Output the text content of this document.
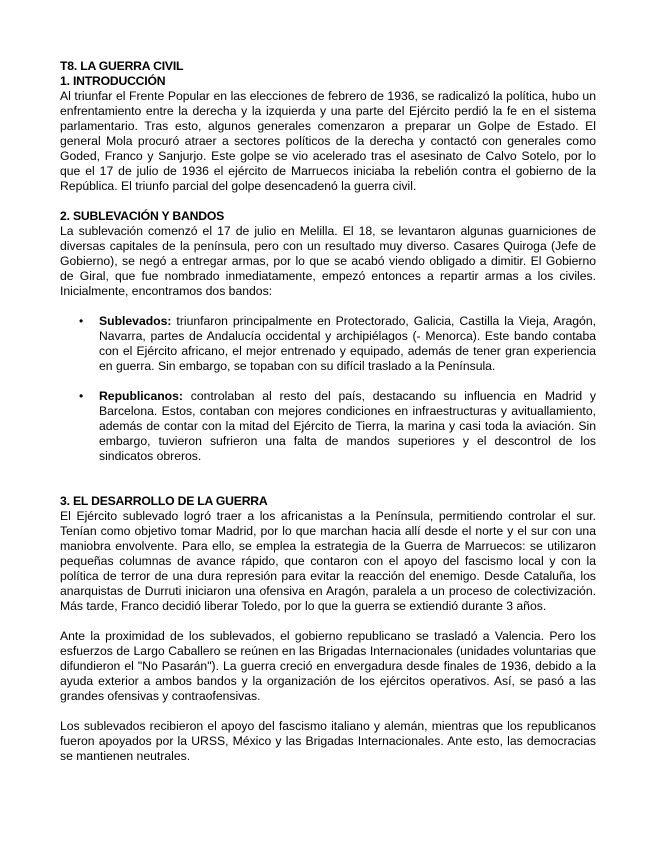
T8. LA GUERRA CIVIL
1. INTRODUCCIÓN

Al triunfar el Frente Popular en las elecciones de febrero de 1936, se radicalizó la política, hubo un enfrentamiento entre la derecha y la izquierda y una parte del Ejército perdió la fe en el sistema parlamentario. Tras esto, algunos generales comenzaron a preparar un Golpe de Estado. El general Mola procuró atraer a sectores políticos de la derecha y contactó con generales como Goded, Franco y Sanjurjo. Este golpe se vio acelerado tras el asesinato de Calvo Sotelo, por lo que el 17 de julio de 1936 el ejército de Marruecos iniciaba la rebelión contra el gobierno de la República. El triunfo parcial del golpe desencadenó la guerra civil.

2. SUBLEVACIÓN Y BANDOS

La sublevación comenzó el 17 de julio en Melilla. El 18, se levantaron algunas guarniciones de diversas capitales de la península, pero con un resultado muy diverso. Casares Quiroga (Jefe de Gobierno), se negó a entregar armas, por lo que se acabó viendo obligado a dimitir. El Gobierno de Giral, que fue nombrado inmediatamente, empezó entonces a repartir armas a los civiles. Inicialmente, encontramos dos bandos:

• Sublevados: triunfaron principalmente en Protectorado, Galicia, Castilla la Vieja, Aragón, Navarra, partes de Andalucía occidental y archipiélagos (- Menorca). Este bando contaba con el Ejército africano, el mejor entrenado y equipado, además de tener gran experiencia en guerra. Sin embargo, se topaban con su difícil traslado a la Península.
• Republicanos: controlaban al resto del país, destacando su influencia en Madrid y Barcelona. Estos, contaban con mejores condiciones en infraestructuras y avituallamiento, además de contar con la mitad del Ejército de Tierra, la marina y casi toda la aviación. Sin embargo, tuvieron sufrieron una falta de mandos superiores y el descontrol de los sindicatos obreros.
3. EL DESARROLLO DE LA GUERRA

El Ejército sublevado logró traer a los africanistas a la Península, permitiendo controlar el sur. Tenían como objetivo tomar Madrid, por lo que marchan hacia allí desde el norte y el sur con una maniobra envolvente. Para ello, se emplea la estrategia de la Guerra de Marruecos: se utilizaron pequeñas columnas de avance rápido, que contaron con el apoyo del fascismo local y con la política de terror de una dura represión para evitar la reacción del enemigo. Desde Cataluña, los anarquistas de Durruti iniciaron una ofensiva en Aragón, paralela a un proceso de colectivización. Más tarde, Franco decidió liberar Toledo, por lo que la guerra se extiendió durante 3 años.

Ante la proximidad de los sublevados, el gobierno republicano se trasladó a Valencia. Pero los esfuerzos de Largo Caballero se reúnen en las Brigadas Internacionales (unidades voluntarias que difundieron el "No Pasarán"). La guerra creció en envergadura desde finales de 1936, debido a la ayuda exterior a ambos bandos y la organización de los ejércitos operativos. Así, se pasó a las grandes ofensivas y contraofensivas.

Los sublevados recibieron el apoyo del fascismo italiano y alemán, mientras que los republicanos fueron apoyados por la URSS, México y las Brigadas Internacionales. Ante esto, las democracias se mantienen neutrales.
